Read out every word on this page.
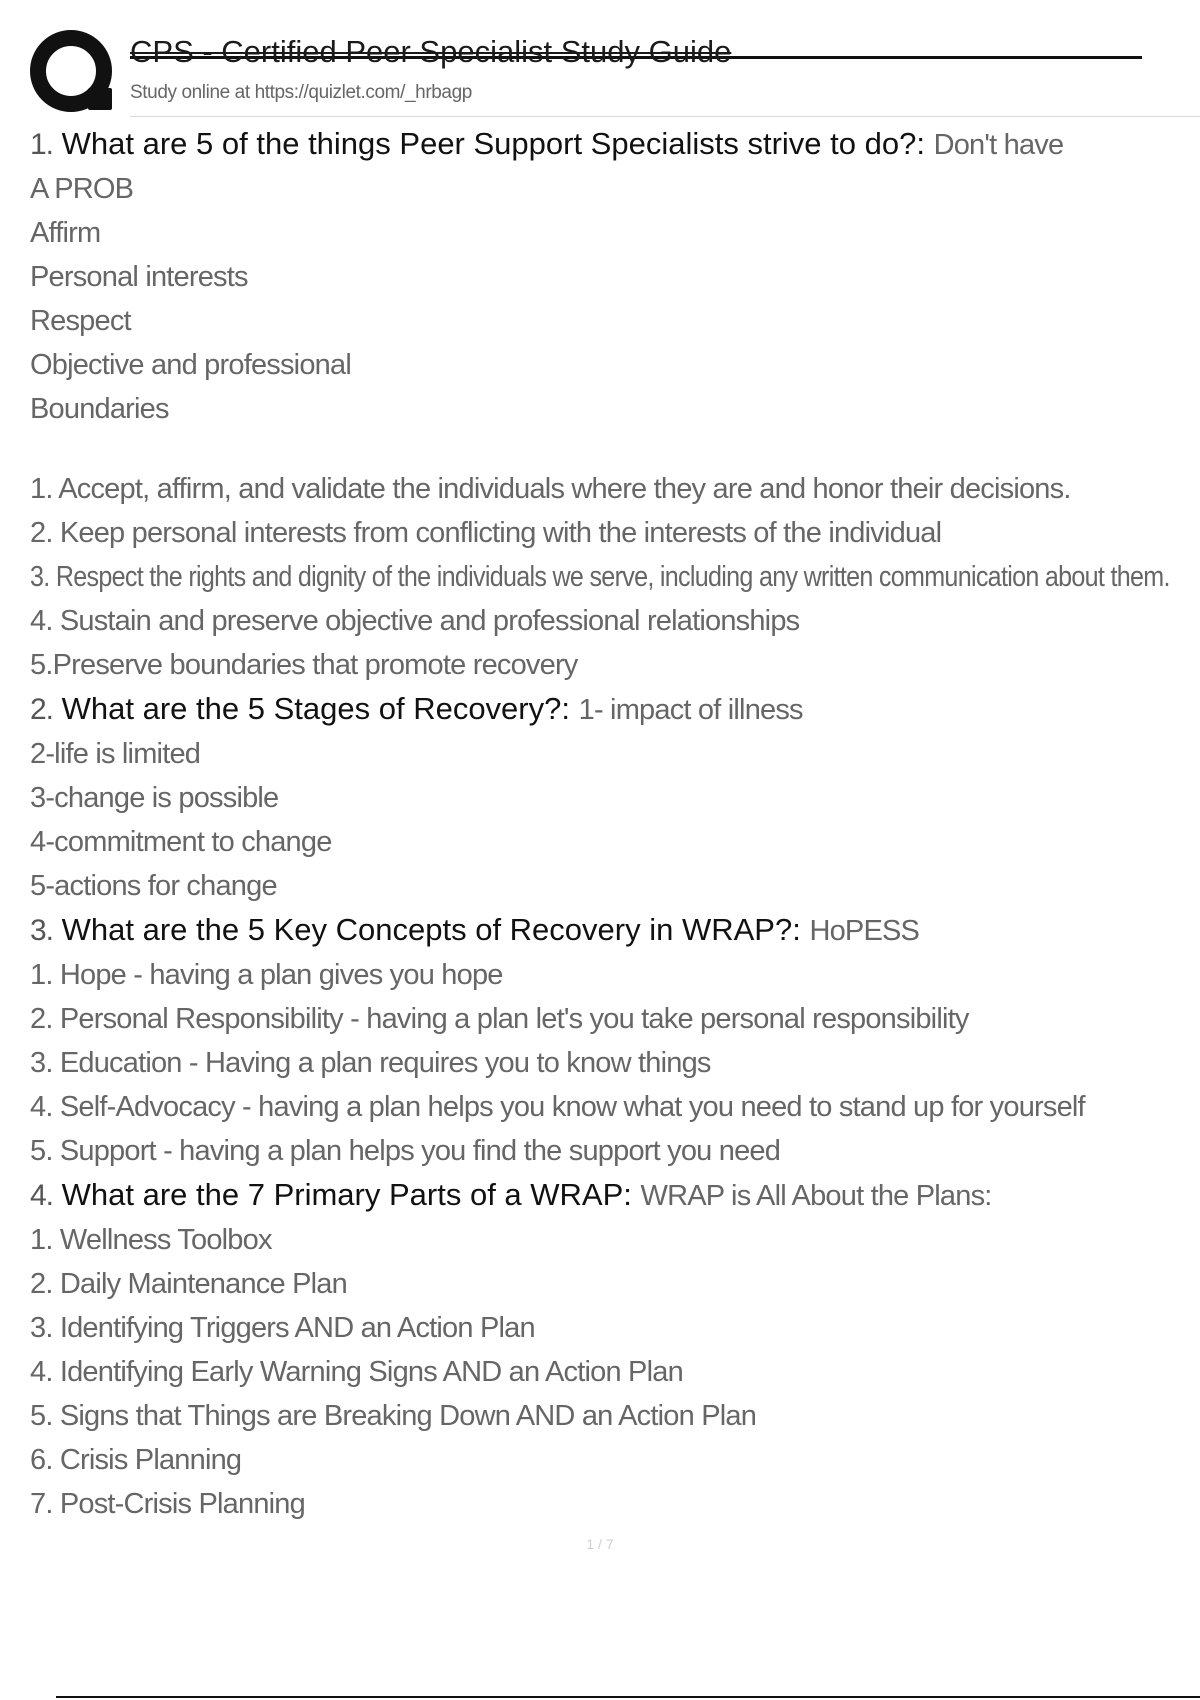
CPS - Certified Peer Specialist Study Guide
Study online at https://quizlet.com/_hrbagp
1. What are 5 of the things Peer Support Specialists strive to do?: Don't have
A PROB
Affirm
Personal interests
Respect
Objective and professional
Boundaries
1. Accept, affirm, and validate the individuals where they are and honor their decisions.
2. Keep personal interests from conflicting with the interests of the individual
3. Respect the rights and dignity of the individuals we serve, including any written communication about them.
4. Sustain and preserve objective and professional relationships
5.Preserve boundaries that promote recovery
2. What are the 5 Stages of Recovery?: 1- impact of illness
2-life is limited
3-change is possible
4-commitment to change
5-actions for change
3. What are the 5 Key Concepts of Recovery in WRAP?: HoPESS
1. Hope - having a plan gives you hope
2. Personal Responsibility - having a plan let's you take personal responsibility
3. Education - Having a plan requires you to know things
4. Self-Advocacy - having a plan helps you know what you need to stand up for yourself
5. Support - having a plan helps you find the support you need
4. What are the 7 Primary Parts of a WRAP: WRAP is All About the Plans:
1. Wellness Toolbox
2. Daily Maintenance Plan
3. Identifying Triggers AND an Action Plan
4. Identifying Early Warning Signs AND an Action Plan
5. Signs that Things are Breaking Down AND an Action Plan
6. Crisis Planning
7. Post-Crisis Planning
1 / 7
